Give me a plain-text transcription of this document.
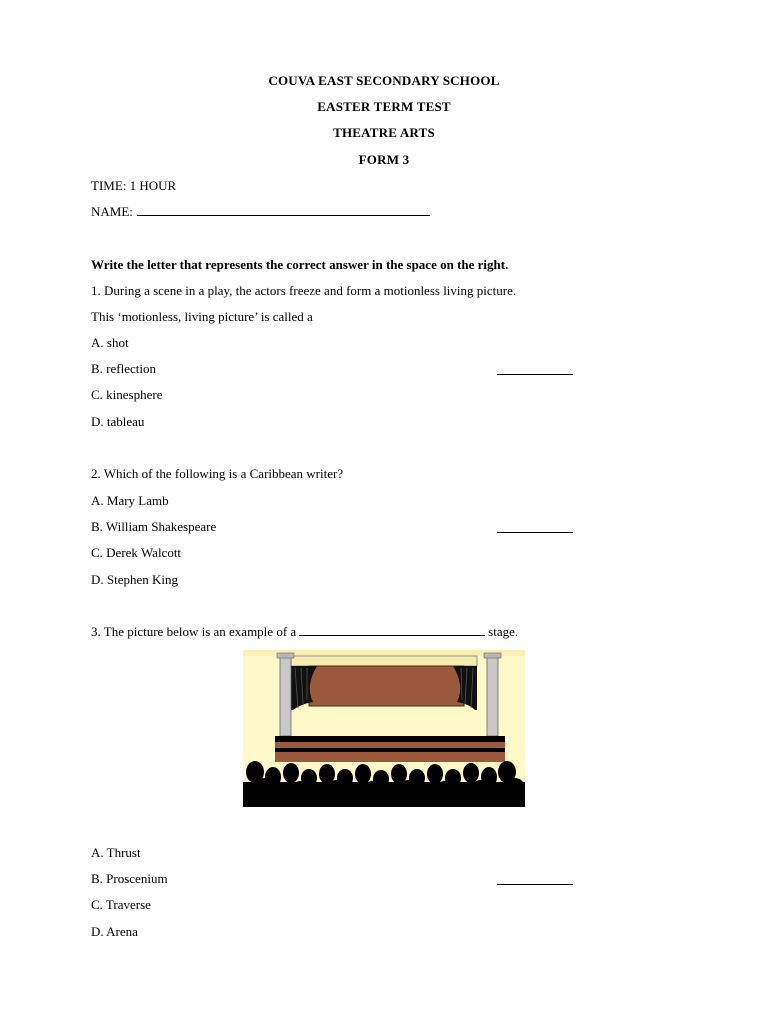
COUVA EAST SECONDARY SCHOOL
EASTER TERM TEST
THEATRE ARTS
FORM 3
TIME: 1 HOUR
NAME:
Write the letter that represents the correct answer in the space on the right.
1. During a scene in a play, the actors freeze and form a motionless living picture.
This ‘motionless, living picture’ is called a
A. shot
B. reflection
C. kinesphere
D. tableau
2. Which of the following is a Caribbean writer?
A. Mary Lamb
B. William Shakespeare
C. Derek Walcott
D. Stephen King
3. The picture below is an example of a	stage.
A. Thrust
B. Proscenium
C. Traverse
D. Arena
